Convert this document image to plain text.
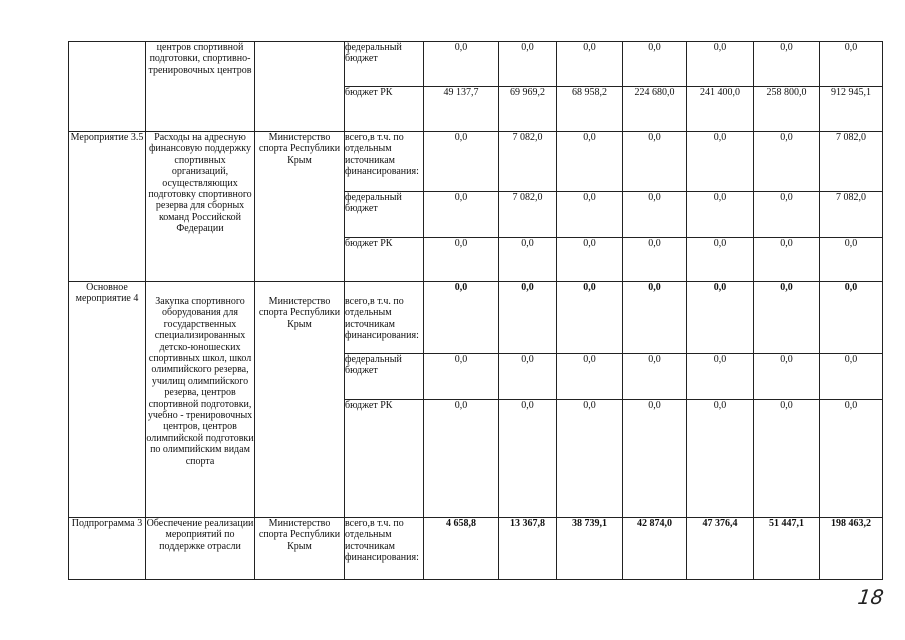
	центров спортивной подготовки, спортивно-тренировочных центров		федеральный бюджет	0,0	0,0	0,0	0,0	0,0	0,0	0,0
			бюджет РК	49 137,7	69 969,2	68 958,2	224 680,0	241 400,0	258 800,0	912 945,1
Мероприятие 3.5	Расходы на адресную финансовую поддержку спортивных организаций, осуществляющих подготовку спортивного резерва для сборных команд Российской Федерации	Министерство спорта Республики Крым	всего,в т.ч. по отдельным источникам финансирования:	0,0	7 082,0	0,0	0,0	0,0	0,0	7 082,0
			федеральный бюджет	0,0	7 082,0	0,0	0,0	0,0	0,0	7 082,0
			бюджет РК	0,0	0,0	0,0	0,0	0,0	0,0	0,0
Основное мероприятие 4	Закупка спортивного оборудования для государственных специализированных детско-юношеских спортивных школ, школ олимпийского резерва, училищ олимпийского резерва, центров спортивной подготовки, учебно - тренировочных центров, центров олимпийской подготовки по олимпийским видам спорта	Министерство спорта Республики Крым	всего,в т.ч. по отдельным источникам финансирования:	0,0	0,0	0,0	0,0	0,0	0,0	0,0
			федеральный бюджет	0,0	0,0	0,0	0,0	0,0	0,0	0,0
			бюджет РК	0,0	0,0	0,0	0,0	0,0	0,0	0,0
Подпрограмма 3	Обеспечение реализации мероприятий по поддержке отрасли	Министерство спорта Республики Крым	всего,в т.ч. по отдельным источникам финансирования:	4 658,8	13 367,8	38 739,1	42 874,0	47 376,4	51 447,1	198 463,2
18
